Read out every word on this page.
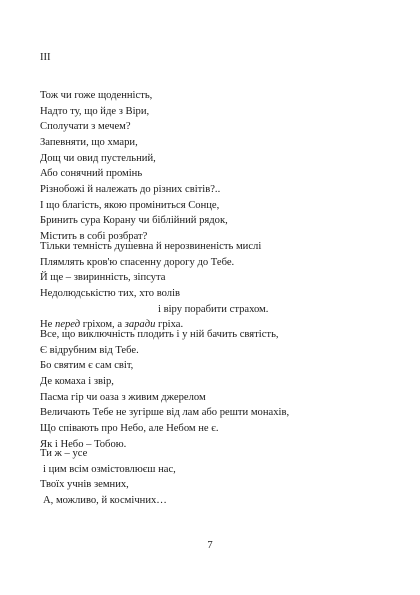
III
Тож чи гоже щоденність,
Надто ту, що йде з Віри,
Сполучати з мечем?
Запевняти, що хмари,
Дощ чи овид пустельний,
Або сонячний промінь
Різнобожі й належать до різних світів?..
І що благість, якою проміниться Сонце,
Бринить сура Корану чи біблійний рядок,
Містить в собі розбрат?
Тільки темність душевна й нерозвиненість мислі
Плямлять кров'ю спасенну дорогу до Тебе.
Й ще – звиринність, зіпсута
Недолюдськістю тих, хто волів
і віру порабити страхом.
Не перед гріхом, а заради гріха.
Все, що виключність плодить і у ній бачить святість,
Є відрубним від Тебе.
Бо святим є сам світ,
Де комаха і звір,
Пасма гір чи оаза з живим джерелом
Величають Тебе не зугірше від лам або решти монахів,
Що співають про Небо, але Небом не є.
Як і Небо – Тобою.
Ти ж – усе
і цим всім озмістовлюєш нас,
Твоїх учнів земних,
А, можливо, й космічних…
7
